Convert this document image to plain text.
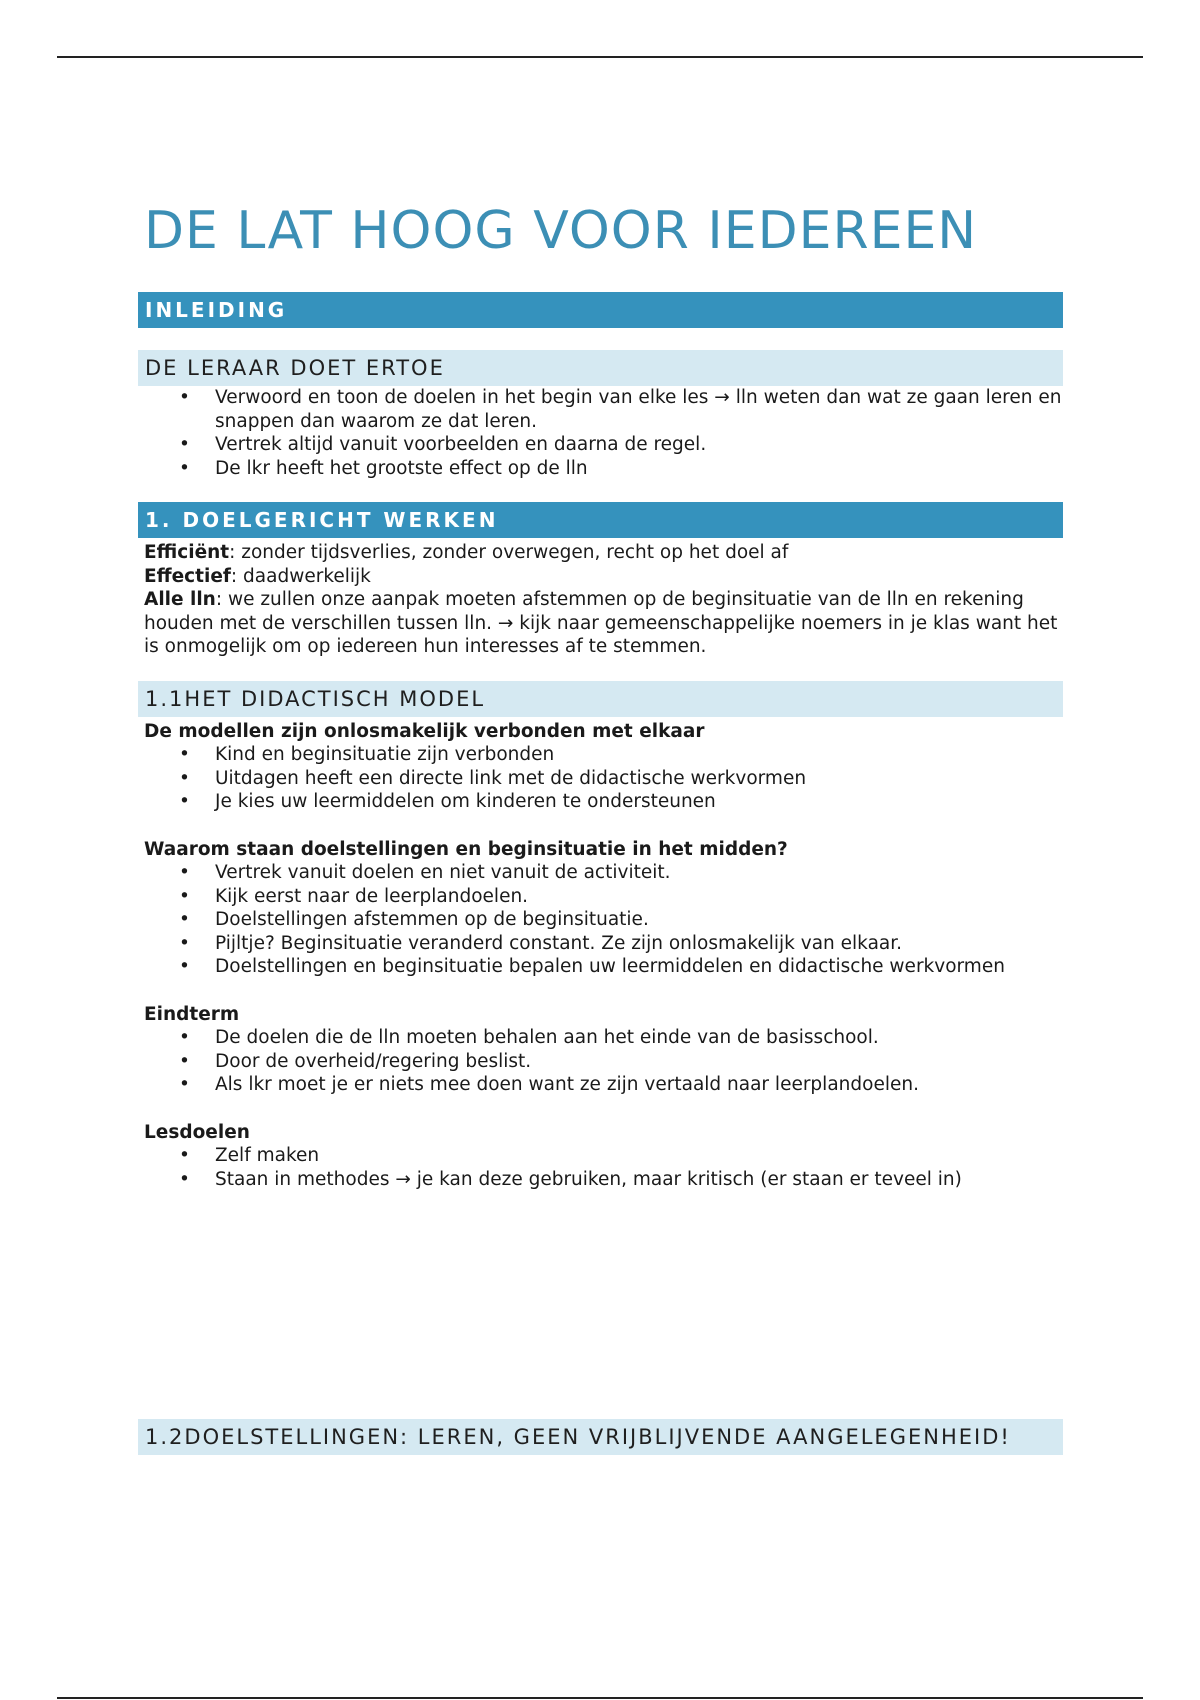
DE LAT HOOG VOOR IEDEREEN
INLEIDING
DE LERAAR DOET ERTOE
• Verwoord en toon de doelen in het begin van elke les → lln weten dan wat ze gaan leren en snappen dan waarom ze dat leren.
• Vertrek altijd vanuit voorbeelden en daarna de regel.
• De lkr heeft het grootste effect op de lln
1. DOELGERICHT WERKEN

Efficiënt: zonder tijdsverlies, zonder overwegen, recht op het doel af

Effectief: daadwerkelijk

Alle lln: we zullen onze aanpak moeten afstemmen op de beginsituatie van de lln en rekening houden met de verschillen tussen lln. → kijk naar gemeenschappelijke noemers in je klas want het is onmogelijk om op iedereen hun interesses af te stemmen.

1.1HET DIDACTISCH MODEL

De modellen zijn onlosmakelijk verbonden met elkaar

• Kind en beginsituatie zijn verbonden
• Uitdagen heeft een directe link met de didactische werkvormen
• Je kies uw leermiddelen om kinderen te ondersteunen

Waarom staan doelstellingen en beginsituatie in het midden?

• Vertrek vanuit doelen en niet vanuit de activiteit.
• Kijk eerst naar de leerplandoelen.
• Doelstellingen afstemmen op de beginsituatie.
• Pijltje? Beginsituatie veranderd constant. Ze zijn onlosmakelijk van elkaar.
• Doelstellingen en beginsituatie bepalen uw leermiddelen en didactische werkvormen

Eindterm

• De doelen die de lln moeten behalen aan het einde van de basisschool.
• Door de overheid/regering beslist.
• Als lkr moet je er niets mee doen want ze zijn vertaald naar leerplandoelen.

Lesdoelen

• Zelf maken
• Staan in methodes → je kan deze gebruiken, maar kritisch (er staan er teveel in)
1.2DOELSTELLINGEN: LEREN, GEEN VRIJBLIJVENDE AANGELEGENHEID!
